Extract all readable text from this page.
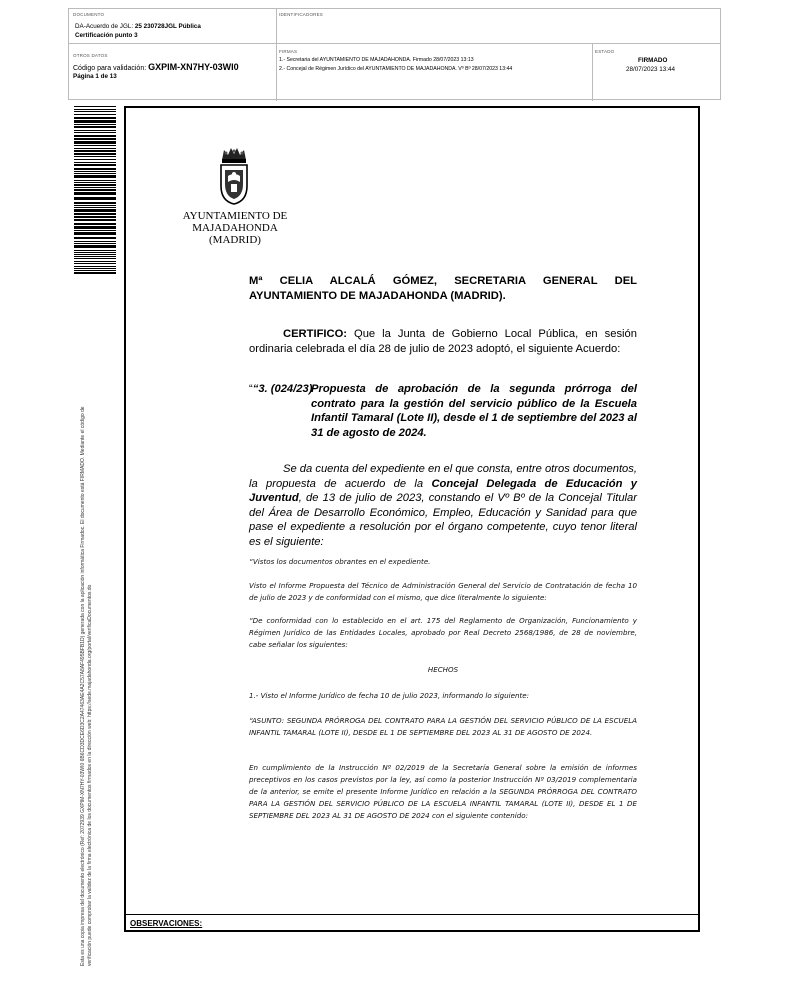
DOCUMENTO	IDENTIFICADORES
DA-Acuerdo de JGL: 25 230728JGL Pública
Certificación punto 3
OTROS DATOS
Código para validación: GXPIM-XN7HY-03WI0
Página 1 de 13
FIRMAS
1.- Secretaria del AYUNTAMIENTO DE MAJADAHONDA. Firmado 28/07/2023 13:13
2.- Concejal de Régimen Jurídico del AYUNTAMIENTO DE MAJADAHONDA. Vº Bº 28/07/2023 13:44
ESTADO
FIRMADO
28/07/2023 13:44
Esta es una copia impresa del documento electrónico (Ref: 2072939 GXPIM-XN7HY-03WI0 6B6CD3DCE6D3C2A47463AE4A2C57A8AF495BFB1D) generada con la aplicación informática Firmadoc. El documento está FIRMADO. Mediante el código de verificación puede comprobar la validez de la firma electrónica de los documentos firmados en la dirección web: https://sede.majadahonda.org/portal/verificaDocumentos.do
AYUNTAMIENTO DE
MAJADAHONDA
(MADRID)
Mª CELIA ALCALÁ GÓMEZ, SECRETARIA GENERAL DEL AYUNTAMIENTO DE MAJADAHONDA (MADRID).
CERTIFICO: Que la Junta de Gobierno Local Pública, en sesión ordinaria celebrada el día 28 de julio de 2023 adoptó, el siguiente Acuerdo:
““3. (024/23)
Propuesta de aprobación de la segunda prórroga del contrato para la gestión del servicio público de la Escuela Infantil Tamaral (Lote II), desde el 1 de septiembre del 2023 al 31 de agosto de 2024.
Se da cuenta del expediente en el que consta, entre otros documentos, la propuesta de acuerdo de la Concejal Delegada de Educación y Juventud, de 13 de julio de 2023, constando el Vº Bº de la Concejal Titular del Área de Desarrollo Económico, Empleo, Educación y Sanidad para que pase el expediente a resolución por el órgano competente, cuyo tenor literal es el siguiente:
“Vistos los documentos obrantes en el expediente.
Visto el Informe Propuesta del Técnico de Administración General del Servicio de Contratación de fecha 10 de julio de 2023 y de conformidad con el mismo, que dice literalmente lo siguiente:
“De conformidad con lo establecido en el art. 175 del Reglamento de Organización, Funcionamiento y Régimen Jurídico de las Entidades Locales, aprobado por Real Decreto 2568/1986, de 28 de noviembre, cabe señalar los siguientes:
HECHOS
1.- Visto el Informe Jurídico de fecha 10 de julio 2023, informando lo siguiente:
“ASUNTO: SEGUNDA PRÓRROGA DEL CONTRATO PARA LA GESTIÓN DEL SERVICIO PÚBLICO DE LA ESCUELA INFANTIL TAMARAL (LOTE II), DESDE EL 1 DE SEPTIEMBRE DEL 2023 AL 31 DE AGOSTO DE 2024.
En cumplimiento de la Instrucción Nº 02/2019 de la Secretaría General sobre la emisión de informes preceptivos en los casos previstos por la ley, así como la posterior Instrucción Nº 03/2019 complementaria de la anterior, se emite el presente Informe Jurídico en relación a la SEGUNDA PRÓRROGA DEL CONTRATO PARA LA GESTIÓN DEL SERVICIO PÚBLICO DE LA ESCUELA INFANTIL TAMARAL (LOTE II), DESDE EL 1 DE SEPTIEMBRE DEL 2023 AL 31 DE AGOSTO DE 2024 con el siguiente contenido:
OBSERVACIONES:
